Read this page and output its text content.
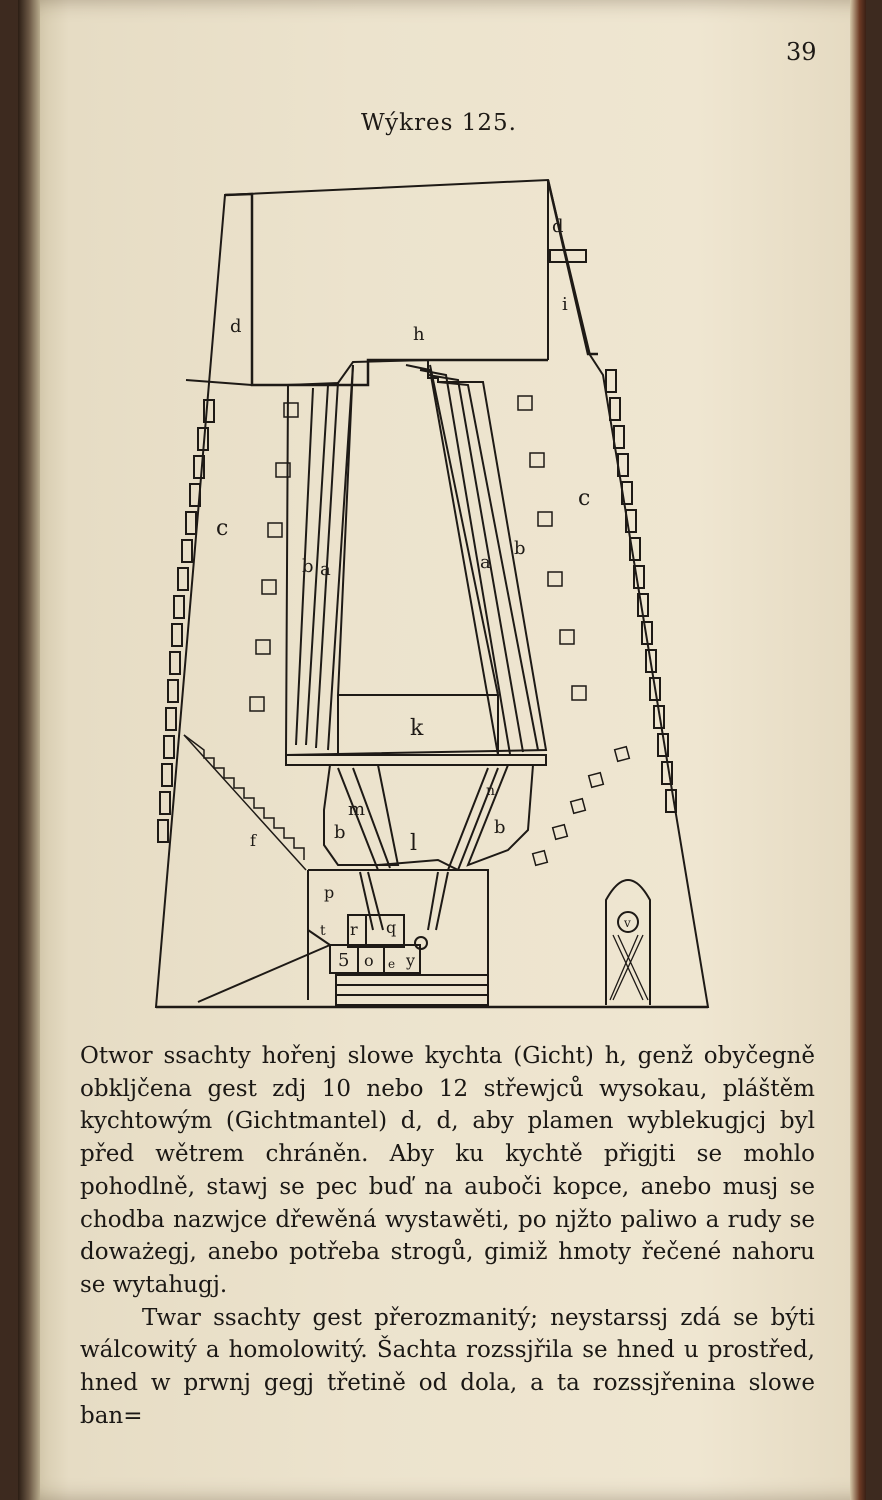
39
Wýkres 125.
d
d
h
i
c
c
b a	a
b
k
m
n
b	b
l
f
p
r q
t
5 o e y
v

Otwor ssachty hořenj slowe kychta (Gicht) h, genž obyčegně obkljčena gest zdj 10 nebo 12 střewjců wysokau, pláštěm kychtowým (Gichtmantel) d, d, aby plamen wyblekugjcj byl před wětrem chráněn. Aby ku kychtě přigjti se mohlo pohodlně, stawj se pec buď na auboči kopce, anebo musj se chodba nazwjce dřewěná wystawěti, po njžto paliwo a rudy se doważegj, anebo potřeba strogů, gimiž hmoty řečené nahoru se wytahugj.

Twar ssachty gest přerozmanitý; neystarssj zdá se býti wálcowitý a homolowitý. Šachta rozssjřila se hned u prostřed, hned w prwnj gegj třetině od dola, a ta rozssjřenina slowe ban=
